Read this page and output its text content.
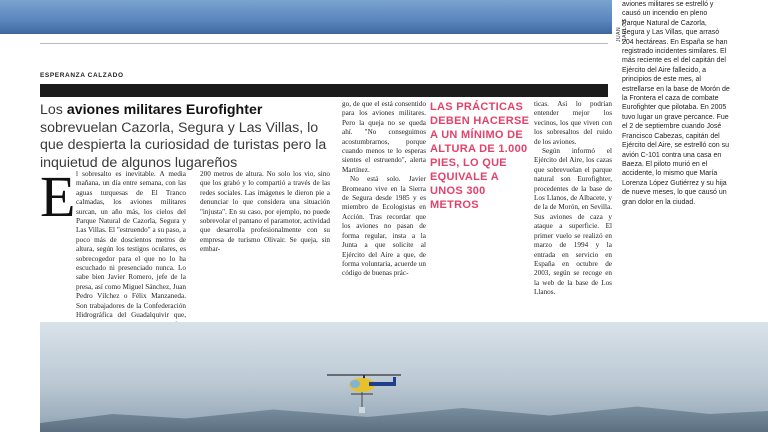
JUAN CARLOS
ESPERANZA CALZADO
Los aviones militares Eurofighter sobrevuelan Cazorla, Segura y Las Villas, lo que despierta la curiosidad de turistas pero la inquietud de algunos lugareños
E l sobresalto es inevitable. A media mañana, un día entre semana, con las aguas turquesas de El Tranco calmadas, los aviones militares surcan, un año más, los cielos del Parque Natural de Cazorla, Segura y Las Villas. El "estruendo" a su paso, a poco más de doscientos metros de altura, según los testigos oculares, es sobrecogedor para el que no lo ha escuchado ni presenciado nunca. Lo sabe bien Javier Romero, jefe de la presa, así como Miguel Sánchez, Juan Pedro Vílchez o Félix Manzaneda. Son trabajadores de la Confederación Hidrográfica del Guadalquivir que,

200 metros de altura. No solo los vio, sino que los grabó y lo compartió a través de las redes sociales. Las imágenes le dieron pie a denunciar lo que considera una situación "injusta". En su caso, por ejemplo, no puede sobrevolar el pantano el paramotor, actividad que desarrolla profesionalmente con su empresa de turismo Olivair. Se queja, sin embar-

go, de que el está consentido para los aviones militares. Pero la queja no se queda ahí. "No conseguimos acostumbrarnos, porque cuando menos te lo esperas sientes el estruendo", alerta Martínez.

No está solo. Javier Bromeano vive en la Sierra de Segura desde 1985 y es miembro de Ecologistas en Acción. Tras recordar que los aviones no pasan de forma regular, insta a la Junta a que solicite al Ejército del Aire a que, de forma voluntaria, acuerde un código de buenas prác-

LAS PRÁCTICAS DEBEN HACERSE A UN MÍNIMO DE ALTURA DE 1.000 PIES, LO QUE EQUIVALE A UNOS 300 METROS

ticas. Así lo podrían entender mejor los vecinos, los que viven con los sobresaltos del ruido de los aviones.

Según informó el Ejército del Aire, los cazas que sobrevuelan el parque natural son Eurofighter, procedentes de la base de Los Llanos, de Albacete, y de la de Morón, en Sevilla. Sus aviones de caza y ataque a superficie. El primer vuelo se realizó en marzo de 1994 y la entrada en servicio en España en octubre de 2003, según se recoge en la web de la base de Los Llanos.

aviones militares se estrelló y causó un incendio en pleno Parque Natural de Cazorla, Segura y Las Villas, que arrasó 204 hectáreas. En España se han registrado incidentes similares. El más reciente es el del capitán del Ejército del Aire fallecido, a principios de este mes, al estrellarse en la base de Morón de la Frontera el caza de combate Eurofighter que pilotaba. En 2005 tuvo lugar un grave percance. Fue el 2 de septiembre cuando José Francisco Cabezas, capitán del Ejército del Aire, se estrelló con su avión C-101 contra una casa en Baeza. El piloto murió en el accidente, lo mismo que María Lorenza López Gutiérrez y su hija de nueve meses, lo que causó un gran dolor en la ciudad.
